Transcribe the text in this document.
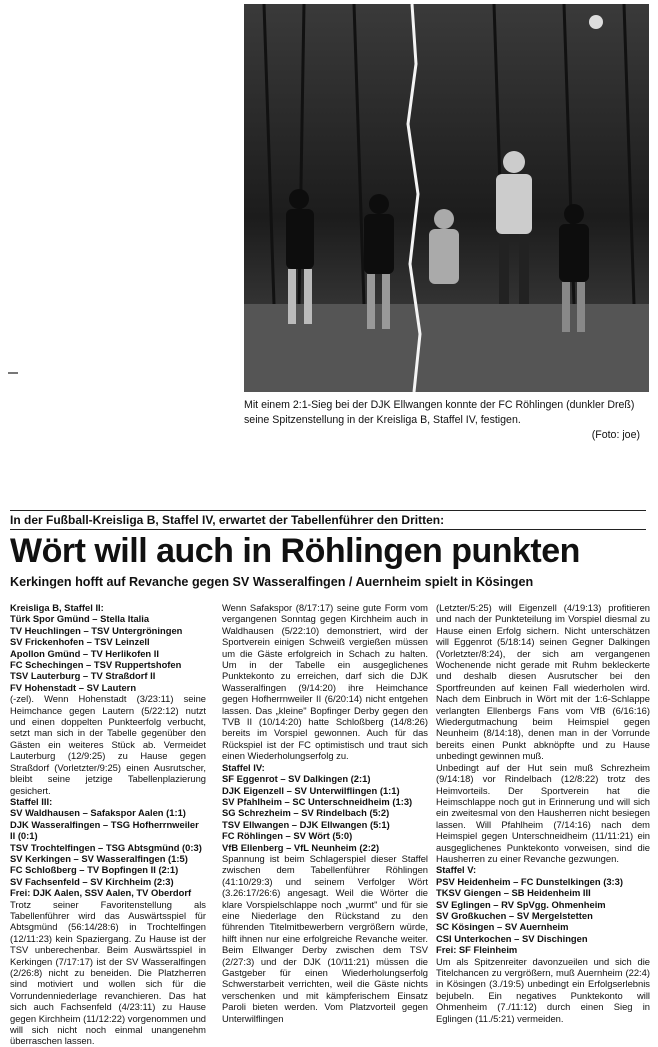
Mit einem 2:1-Sieg bei der DJK Ellwangen konnte der FC Röhlingen (dunkler Dreß) seine Spitzenstellung in der Kreisliga B, Staffel IV, festigen.
(Foto: joe)
In der Fußball-Kreisliga B, Staffel IV, erwartet der Tabellenführer den Dritten:
Wört will auch in Röhlingen punkten
Kerkingen hofft auf Revanche gegen SV Wasseralfingen / Auernheim spielt in Kösingen
Kreisliga B, Staffel II:
Türk Spor Gmünd – Stella Italia
TV Heuchlingen – TSV Untergröningen
SV Frickenhofen – TSV Leinzell
Apollon Gmünd – TV Herlikofen II
FC Schechingen – TSV Ruppertshofen
TSV Lauterburg – TV Straßdorf II
FV Hohenstadt – SV Lautern

(-zel). Wenn Hohenstadt (3/23:11) seine Heimchance gegen Lautern (5/22:12) nutzt und einen doppelten Punkteerfolg verbucht, setzt man sich in der Tabelle gegenüber den Gästen ein weiteres Stück ab. Vermeidet Lauterburg (12/9:25) zu Hause gegen Straßdorf (Vorletzter/9:25) einen Ausrutscher, bleibt seine jetzige Tabellenplazierung gesichert.

Staffel III:
SV Waldhausen – Safakspor Aalen (1:1)
DJK Wasseralfingen – TSG Hofherrnweiler II (0:1)
TSV Trochtelfingen – TSG Abtsgmünd (0:3)
SV Kerkingen – SV Wasseralfingen (1:5)
FC Schloßberg – TV Bopfingen II (2:1)
SV Fachsenfeld – SV Kirchheim (2:3)
Frei: DJK Aalen, SSV Aalen, TV Oberdorf

Trotz seiner Favoritenstellung als Tabellenführer wird das Auswärtsspiel für Abtsgmünd (56:14/28:6) in Trochtelfingen (12/11:23) kein Spaziergang. Zu Hause ist der TSV unberechenbar. Beim Auswärtsspiel in Kerkingen (7/17:17) ist der SV Wasseralfingen (2/26:8) nicht zu beneiden. Die Platzherren sind motiviert und wollen sich für die Vorrundenniederlage revanchieren. Das hat sich auch Fachsenfeld (4/23:11) zu Hause gegen Kirchheim (11/12:22) vorgenommen und will sich nicht noch einmal unangenehm überraschen lassen.

Wenn Safakspor (8/17:17) seine gute Form vom vergangenen Sonntag gegen Kirchheim auch in Waldhausen (5/22:10) demonstriert, wird der Sportverein einigen Schweiß vergießen müssen um die Gäste erfolgreich in Schach zu halten. Um in der Tabelle ein ausgeglichenes Punktekonto zu erreichen, darf sich die DJK Wasseralfingen (9/14:20) ihre Heimchance gegen Hofherrnweiler II (6/20:14) nicht entgehen lassen. Das „kleine" Bopfinger Derby gegen den TVB II (10/14:20) hatte Schloßberg (14/8:26) bereits im Vorspiel gewonnen. Auch für das Rückspiel ist der FC optimistisch und traut sich einen Wiederholungserfolg zu.

Staffel IV:
SF Eggenrot – SV Dalkingen (2:1)
DJK Eigenzell – SV Unterwilflingen (1:1)
SV Pfahlheim – SC Unterschneidheim (1:3)
SG Schrezheim – SV Rindelbach (5:2)
TSV Ellwangen – DJK Ellwangen (5:1)
FC Röhlingen – SV Wört (5:0)
VfB Ellenberg – VfL Neunheim (2:2)

Spannung ist beim Schlagerspiel dieser Staffel zwischen dem Tabellenführer Röhlingen (41:10/29:3) und seinem Verfolger Wört (3.26:17/26:6) angesagt. Weil die Wörter die klare Vorspielschlappe noch „wurmt" und für sie eine Niederlage den Rückstand zu den führenden Titelmitbewerbern vergrößern würde, hilft ihnen nur eine erfolgreiche Revanche weiter. Beim Ellwanger Derby zwischen dem TSV (2/27:3) und der DJK (10/11:21) müssen die Gastgeber für einen Wiederholungserfolg Schwerstarbeit verrichten, weil die Gäste nichts verschenken und mit kämpferischem Einsatz Paroli bieten werden. Vom Platzvorteil gegen Unterwilflingen

(Letzter/5:25) will Eigenzell (4/19:13) profitieren und nach der Punkteteilung im Vorspiel diesmal zu Hause einen Erfolg sichern. Nicht unterschätzen will Eggenrot (5/18:14) seinen Gegner Dalkingen (Vorletzter/8:24), der sich am vergangenen Wochenende nicht gerade mit Ruhm bekleckerte und deshalb diesen Ausrutscher bei den Sportfreunden auf keinen Fall wiederholen wird. Nach dem Einbruch in Wört mit der 1:6-Schlappe verlangten Ellenbergs Fans vom VfB (6/16:16) Wiedergutmachung beim Heimspiel gegen Neunheim (8/14:18), denen man in der Vorrunde bereits einen Punkt abknöpfte und zu Hause unbedingt gewinnen muß.

Unbedingt auf der Hut sein muß Schrezheim (9/14:18) vor Rindelbach (12/8:22) trotz des Heimvorteils. Der Sportverein hat die Heimschlappe noch gut in Erinnerung und will sich ein zweitesmal von den Hausherren nicht besiegen lassen. Will Pfahlheim (7/14:16) nach dem Heimspiel gegen Unterschneidheim (11/11:21) ein ausgeglichenes Punktekonto vorweisen, sind die Hausherren zu einer Revanche gezwungen.

Staffel V:
PSV Heidenheim – FC Dunstelkingen (3:3)
TKSV Giengen – SB Heidenheim III
SV Eglingen – RV SpVgg. Ohmenheim
SV Großkuchen – SV Mergelstetten
SC Kösingen – SV Auernheim
CSI Unterkochen – SV Dischingen
Frei: SF Fleinheim

Um als Spitzenreiter davonzueilen und sich die Titelchancen zu vergrößern, muß Auernheim (22:4) in Kösingen (3./19:5) unbedingt ein Erfolgserlebnis bejubeln. Ein negatives Punktekonto will Ohmenheim (7./11:12) durch einen Sieg in Eglingen (11./5:21) vermeiden.
